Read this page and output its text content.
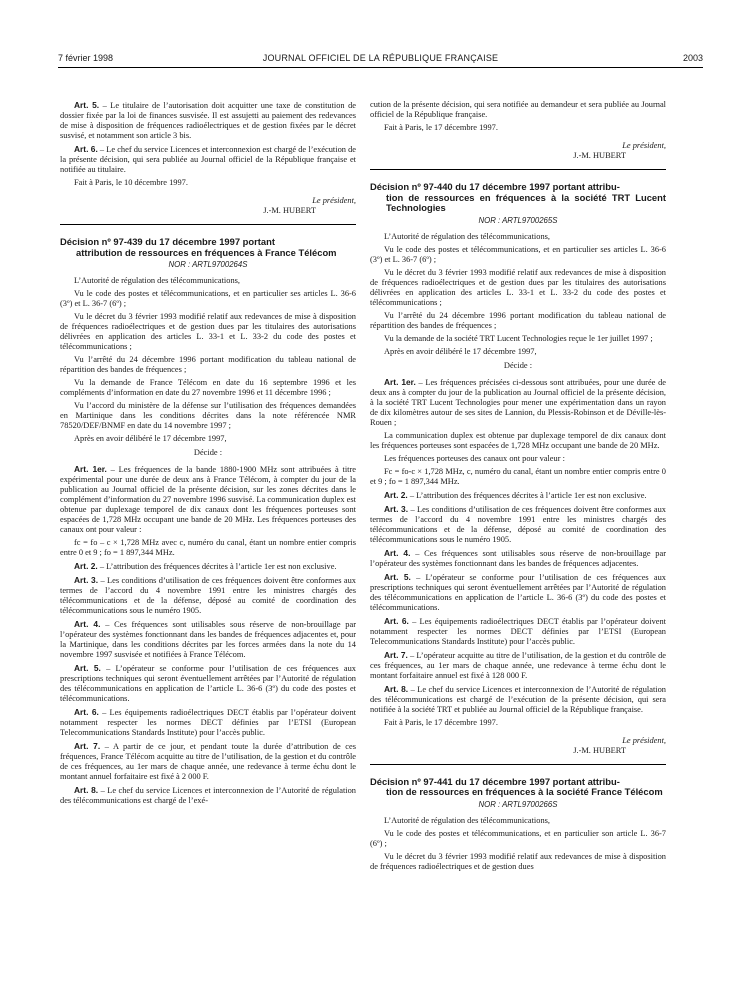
7 février 1998	JOURNAL OFFICIEL DE LA RÉPUBLIQUE FRANÇAISE	2003

Art. 5. – Le titulaire de l’autorisation doit acquitter une taxe de constitution de dossier fixée par la loi de finances susvisée. Il est assujetti au paiement des redevances de mise à disposition de fréquences radioélectriques et de gestion fixées par le décret susvisé, et notamment son article 3 bis.

Art. 6. – Le chef du service Licences et interconnexion est chargé de l’exécution de la présente décision, qui sera publiée au Journal officiel de la République française et notifiée au titulaire.

Fait à Paris, le 10 décembre 1997.

Le président,
J.-M. HUBERT
Décision nº 97-439 du 17 décembre 1997 portant
attribution de ressources en fréquences à France Télécom

NOR : ARTL9700264S

L’Autorité de régulation des télécommunications,

Vu le code des postes et télécommunications, et en particulier ses articles L. 36-6 (3º) et L. 36-7 (6º) ;

Vu le décret du 3 février 1993 modifié relatif aux redevances de mise à disposition de fréquences radioélectriques et de gestion dues par les titulaires des autorisations délivrées en application des articles L. 33-1 et L. 33-2 du code des postes et télécommunications ;

Vu l’arrêté du 24 décembre 1996 portant modification du tableau national de répartition des bandes de fréquences ;

Vu la demande de France Télécom en date du 16 septembre 1996 et les compléments d’information en date du 27 novembre 1996 et 11 décembre 1996 ;

Vu l’accord du ministère de la défense sur l’utilisation des fréquences demandées en Martinique dans les conditions décrites dans la note référencée NMR 78520/DEF/BNMF en date du 14 novembre 1997 ;

Après en avoir délibéré le 17 décembre 1997,

Décide :

Art. 1er. – Les fréquences de la bande 1880-1900 MHz sont attribuées à titre expérimental pour une durée de deux ans à France Télécom, à compter du jour de la publication au Journal officiel de la présente décision, sur les zones décrites dans le complément d’information du 27 novembre 1996 susvisé. La communication duplex est obtenue par duplexage temporel de dix canaux dont les fréquences porteuses sont espacées de 1,728 MHz occupant une bande de 20 MHz. Les fréquences porteuses des canaux ont pour valeur :

fc = fo – c × 1,728 MHz avec c, numéro du canal, étant un nombre entier compris entre 0 et 9 ; fo = 1 897,344 MHz.

Art. 2. – L’attribution des fréquences décrites à l’article 1er est non exclusive.

Art. 3. – Les conditions d’utilisation de ces fréquences doivent être conformes aux termes de l’accord du 4 novembre 1991 entre les ministres chargés des télécommunications et de la défense, déposé au comité de coordination des télécommunications sous le numéro 1905.

Art. 4. – Ces fréquences sont utilisables sous réserve de non-brouillage par l’opérateur des systèmes fonctionnant dans les bandes de fréquences adjacentes et, pour la Martinique, dans les conditions décrites par les forces armées dans la note du 14 novembre 1997 susvisée et notifiées à France Télécom.

Art. 5. – L’opérateur se conforme pour l’utilisation de ces fréquences aux prescriptions techniques qui seront éventuellement arrêtées par l’Autorité de régulation des télécommunications en application de l’article L. 36-6 (3º) du code des postes et télécommunications.

Art. 6. – Les équipements radioélectriques DECT établis par l’opérateur doivent notamment respecter les normes DECT définies par l’ETSI (European Telecommunications Standards Institute) pour l’accès public.

Art. 7. – A partir de ce jour, et pendant toute la durée d’attribution de ces fréquences, France Télécom acquitte au titre de l’utilisation, de la gestion et du contrôle de ces fréquences, au 1er mars de chaque année, une redevance à terme échu dont le montant annuel forfaitaire est fixé à 2 000 F.

Art. 8. – Le chef du service Licences et interconnexion de l’Autorité de régulation des télécommunications est chargé de l’exé-

cution de la présente décision, qui sera notifiée au demandeur et sera publiée au Journal officiel de la République française.

Fait à Paris, le 17 décembre 1997.

Le président,
J.-M. HUBERT
Décision nº 97-440 du 17 décembre 1997 portant attribu-
tion de ressources en fréquences à la société TRT Lucent Technologies

NOR : ARTL9700265S

L’Autorité de régulation des télécommunications,

Vu le code des postes et télécommunications, et en particulier ses articles L. 36-6 (3º) et L. 36-7 (6º) ;

Vu le décret du 3 février 1993 modifié relatif aux redevances de mise à disposition de fréquences radioélectriques et de gestion dues par les titulaires des autorisations délivrées en application des articles L. 33-1 et L. 33-2 du code des postes et télécommunications ;

Vu l’arrêté du 24 décembre 1996 portant modification du tableau national de répartition des bandes de fréquences ;

Vu la demande de la société TRT Lucent Technologies reçue le 1er juillet 1997 ;

Après en avoir délibéré le 17 décembre 1997,

Décide :

Art. 1er. – Les fréquences précisées ci-dessous sont attribuées, pour une durée de deux ans à compter du jour de la publication au Journal officiel de la présente décision, à la société TRT Lucent Technologies pour mener une expérimentation dans un rayon de dix kilomètres autour de ses sites de Lannion, du Plessis-Robinson et de Déville-lès-Rouen ;

La communication duplex est obtenue par duplexage temporel de dix canaux dont les fréquences porteuses sont espacées de 1,728 MHz occupant une bande de 20 MHz.

Les fréquences porteuses des canaux ont pour valeur :

Fc = fo-c × 1,728 MHz, c, numéro du canal, étant un nombre entier compris entre 0 et 9 ; fo = 1 897,344 MHz.

Art. 2. – L’attribution des fréquences décrites à l’article 1er est non exclusive.

Art. 3. – Les conditions d’utilisation de ces fréquences doivent être conformes aux termes de l’accord du 4 novembre 1991 entre les ministres chargés des télécommunications et de la défense, déposé au comité de coordination des télécommunications sous le numéro 1905.

Art. 4. – Ces fréquences sont utilisables sous réserve de non-brouillage par l’opérateur des systèmes fonctionnant dans les bandes de fréquences adjacentes.

Art. 5. – L’opérateur se conforme pour l’utilisation de ces fréquences aux prescriptions techniques qui seront éventuellement arrêtées par l’Autorité de régulation des télécommunications en application de l’article L. 36-6 (3º) du code des postes et télécommunications.

Art. 6. – Les équipements radioélectriques DECT établis par l’opérateur doivent notamment respecter les normes DECT définies par l’ETSI (European Telecommunications Standards Institute) pour l’accès public.

Art. 7. – L’opérateur acquitte au titre de l’utilisation, de la gestion et du contrôle de ces fréquences, au 1er mars de chaque année, une redevance à terme échu dont le montant forfaitaire annuel est fixé à 128 000 F.

Art. 8. – Le chef du service Licences et interconnexion de l’Autorité de régulation des télécommunications est chargé de l’exécution de la présente décision, qui sera notifiée à la société TRT et publiée au Journal officiel de la République française.

Fait à Paris, le 17 décembre 1997.

Le président,
J.-M. HUBERT
Décision nº 97-441 du 17 décembre 1997 portant attribu-
tion de ressources en fréquences à la société France Télécom

NOR : ARTL9700266S

L’Autorité de régulation des télécommunications,

Vu le code des postes et télécommunications, et en particulier son article L. 36-7 (6º) ;

Vu le décret du 3 février 1993 modifié relatif aux redevances de mise à disposition de fréquences radioélectriques et de gestion dues
